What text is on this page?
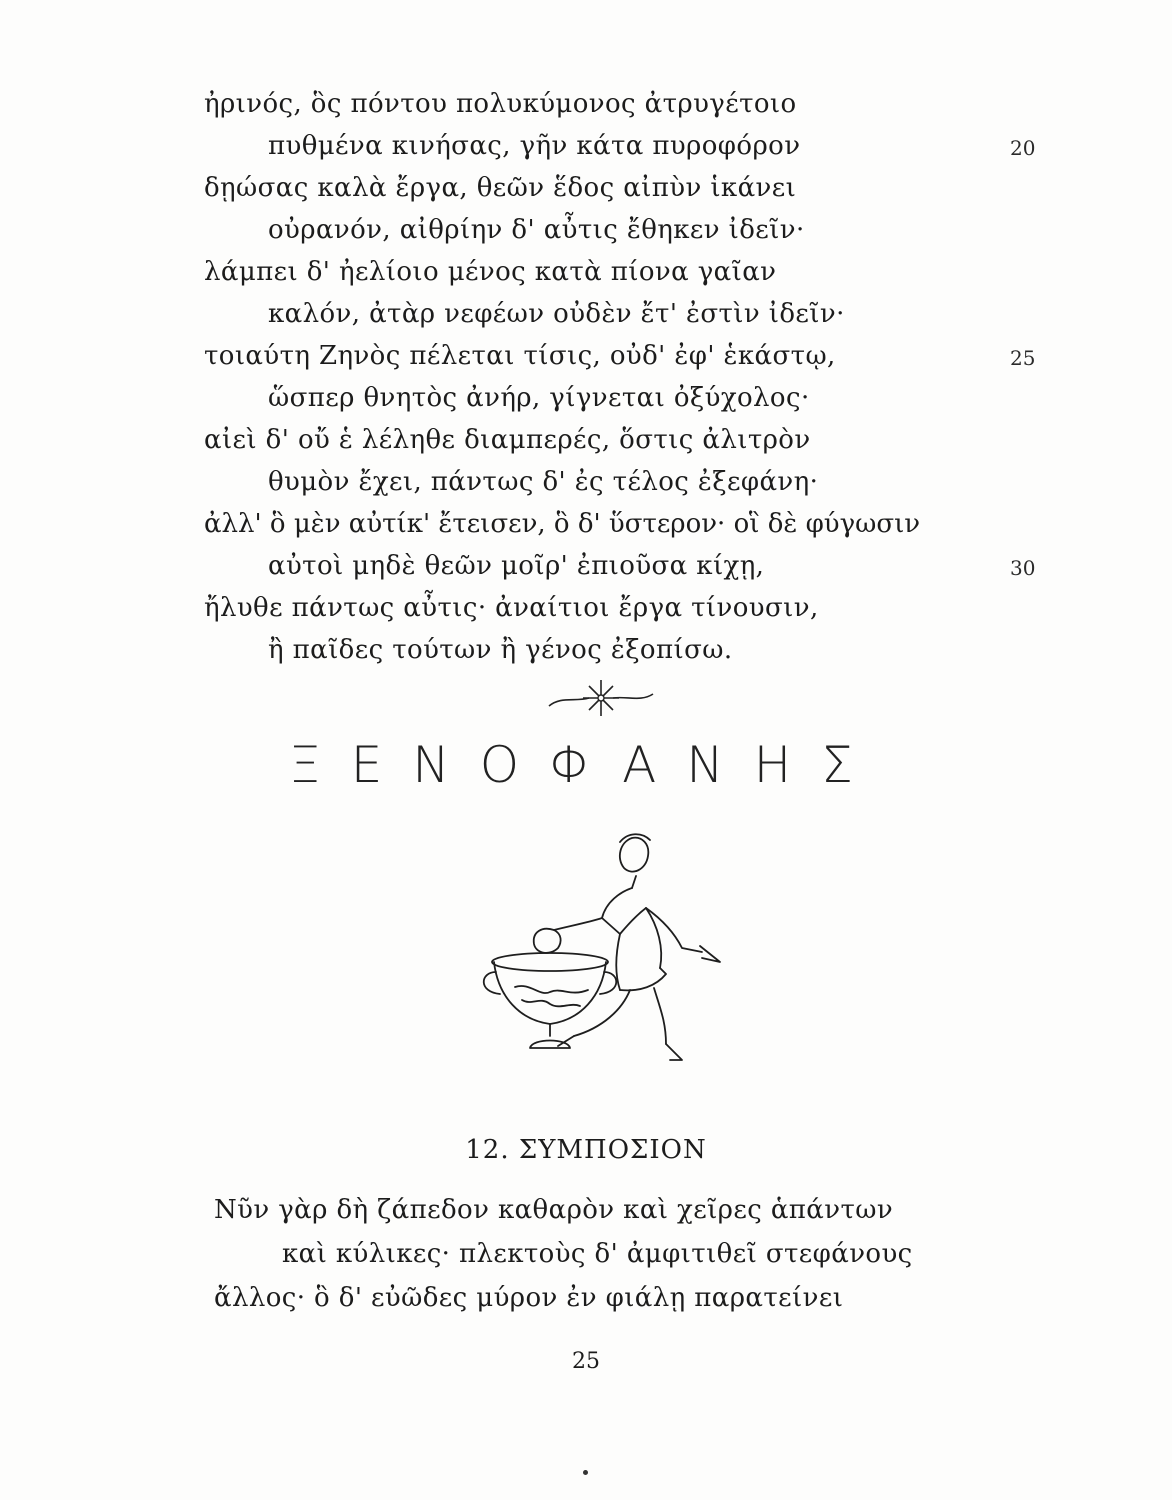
ἠρινός, ὃς πόντου πολυκύμονος ἀτρυγέτοιο
πυθμένα κινήσας, γῆν κάτα πυροφόρον
δῃώσας καλὰ ἔργα, θεῶν ἕδος αἰπὺν ἱκάνει
οὐρανόν, αἰθρίην δ' αὖτις ἔθηκεν ἰδεῖν·
λάμπει δ' ἠελίοιο μένος κατὰ πίονα γαῖαν
καλόν, ἀτὰρ νεφέων οὐδὲν ἔτ' ἐστὶν ἰδεῖν·
τοιαύτη Ζηνὸς πέλεται τίσις, οὐδ' ἐφ' ἑκάστῳ,
ὥσπερ θνητὸς ἀνήρ, γίγνεται ὀξύχολος·
αἰεὶ δ' οὔ ἑ λέληθε διαμπερές, ὅστις ἀλιτρὸν
θυμὸν ἔχει, πάντως δ' ἐς τέλος ἐξεφάνη·
ἀλλ' ὃ μὲν αὐτίκ' ἔτεισεν, ὃ δ' ὕστερον· οἳ δὲ φύγωσιν
αὐτοὶ μηδὲ θεῶν μοῖρ' ἐπιοῦσα κίχῃ,
ἤλυθε πάντως αὖτις· ἀναίτιοι ἔργα τίνουσιν,
ἢ παῖδες τούτων ἢ γένος ἐξοπίσω.
20
25
30
ΞΕΝΟΦΑΝΗΣ
12. ΣΥΜΠΟΣΙΟΝ
Νῦν γὰρ δὴ ζάπεδον καθαρὸν καὶ χεῖρες ἁπάντων
καὶ κύλικες· πλεκτοὺς δ' ἀμφιτιθεῖ στεφάνους
ἄλλος· ὃ δ' εὐῶδες μύρον ἐν φιάλῃ παρατείνει
25
